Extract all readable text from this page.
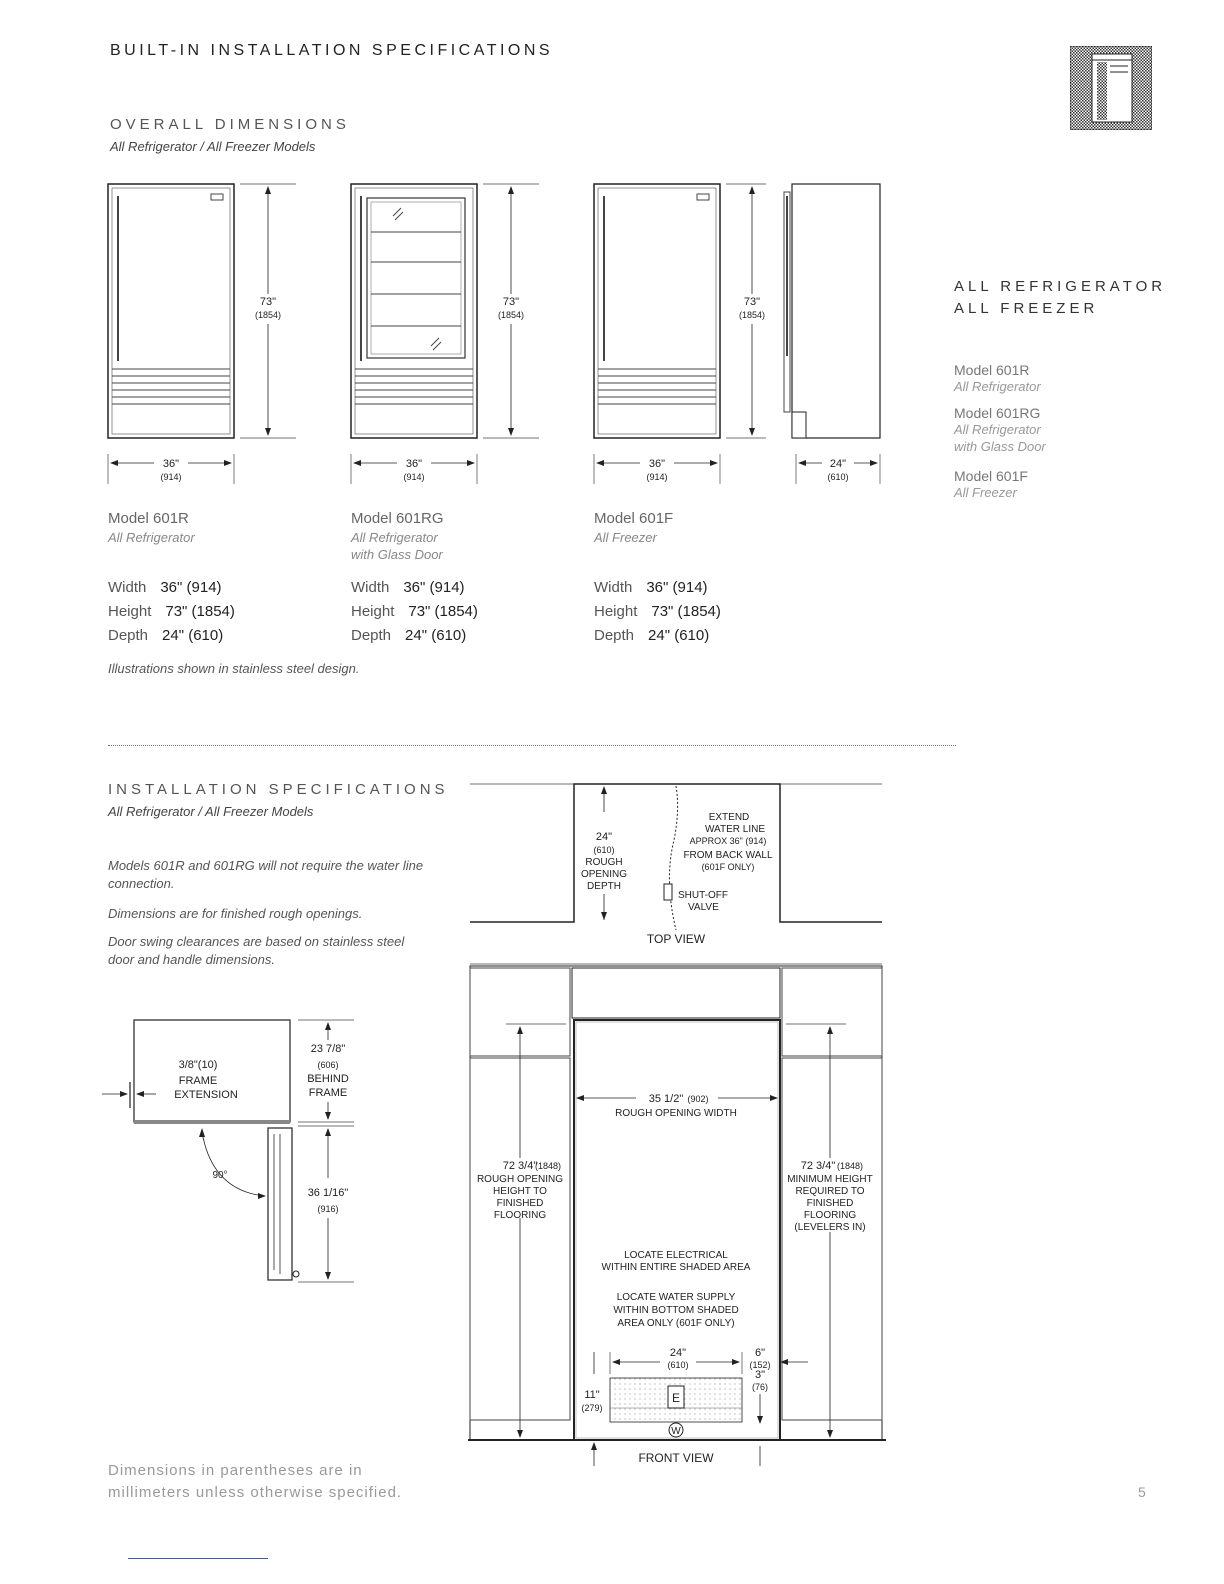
BUILT-IN INSTALLATION SPECIFICATIONS
OVERALL DIMENSIONS
All Refrigerator / All Freezer Models
73"
(1854)
36"
(914)
73"
(1854)
36"
(914)
73"
(1854)
36"
(914)
24"
(610)
Model 601R
All Refrigerator
Width 36" (914)
Height 73" (1854)
Depth 24" (610)
Model 601RG
All Refrigerator
with Glass Door
Width 36" (914)
Height 73" (1854)
Depth 24" (610)
Model 601F
All Freezer
Width 36" (914)
Height 73" (1854)
Depth 24" (610)
Illustrations shown in stainless steel design.
ALL REFRIGERATOR
ALL FREEZER
Model 601R
All Refrigerator
Model 601RG
All Refrigerator
with Glass Door
Model 601F
All Freezer
INSTALLATION SPECIFICATIONS
All Refrigerator / All Freezer Models
Models 601R and 601RG will not require the water line connection.
Dimensions are for finished rough openings.
Door swing clearances are based on stainless steel door and handle dimensions.
3/8"(10)
FRAME
EXTENSION
23 7/8"
(606)
BEHIND
FRAME
90°
36 1/16"
(916)
24"
(610)
ROUGH
OPENING
DEPTH
EXTEND
WATER LINE
APPROX 36" (914)
FROM BACK WALL
(601F ONLY)
SHUT-OFF
VALVE
TOP VIEW
72 3/4"
(1848)
ROUGH OPENING
HEIGHT TO
FINISHED
FLOORING
72 3/4" (1848)
MINIMUM HEIGHT
REQUIRED TO
FINISHED
FLOORING
(LEVELERS IN)
35 1/2" (902)
ROUGH OPENING WIDTH
LOCATE ELECTRICAL
WITHIN ENTIRE SHADED AREA
LOCATE WATER SUPPLY
WITHIN BOTTOM SHADED
AREA ONLY (601F ONLY)
24"
(610)
6"
(152)
E
W
11"
(279)
3"
(76)
FRONT VIEW
Dimensions in parentheses are in
millimeters unless otherwise specified.	5
